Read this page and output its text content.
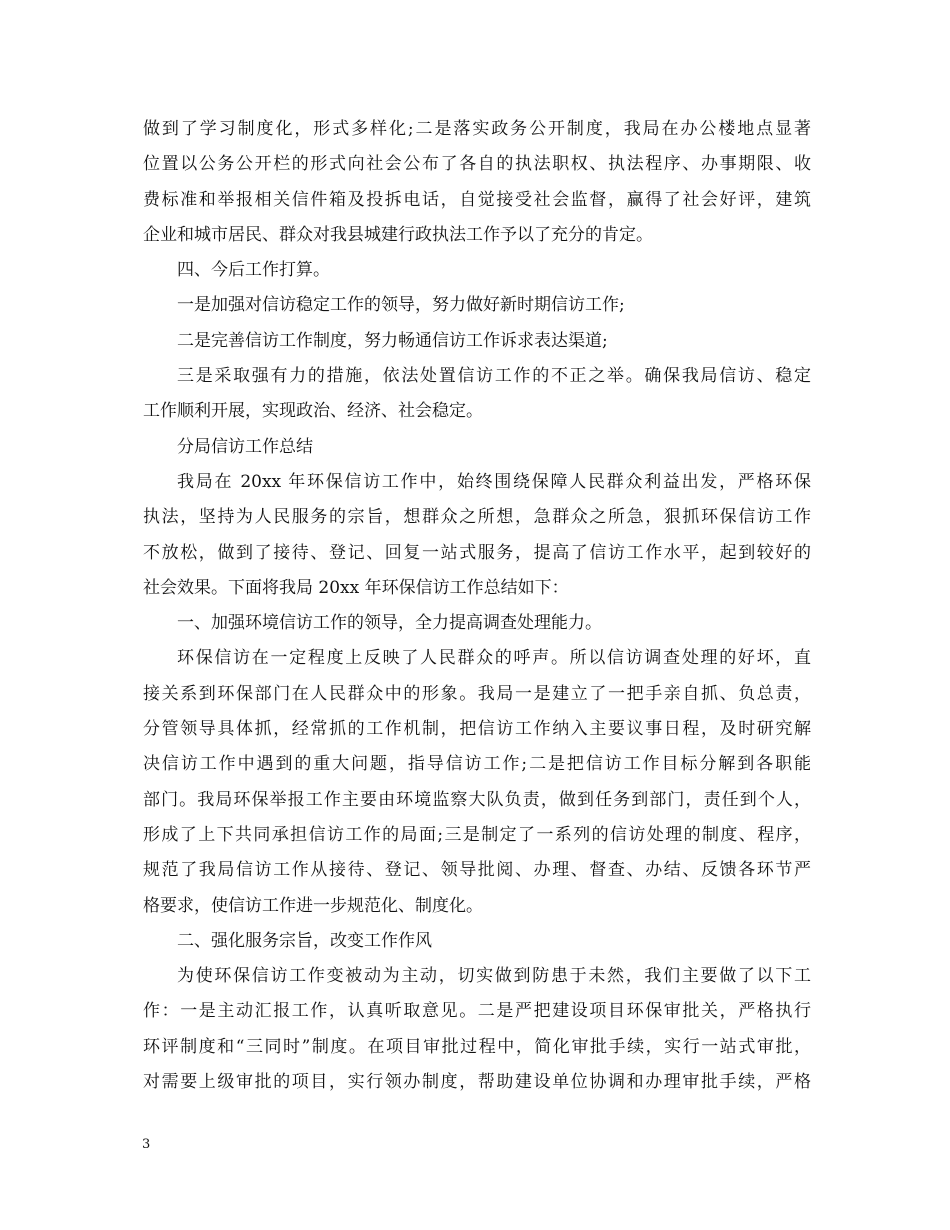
做到了学习制度化，形式多样化;二是落实政务公开制度，我局在办公楼地点显著
位置以公务公开栏的形式向社会公布了各自的执法职权、执法程序、办事期限、收
费标准和举报相关信件箱及投拆电话，自觉接受社会监督，赢得了社会好评，建筑
企业和城市居民、群众对我县城建行政执法工作予以了充分的肯定。
四、今后工作打算。
一是加强对信访稳定工作的领导，努力做好新时期信访工作;
二是完善信访工作制度，努力畅通信访工作诉求表达渠道;
三是采取强有力的措施，依法处置信访工作的不正之举。确保我局信访、稳定
工作顺利开展，实现政治、经济、社会稳定。
分局信访工作总结
我局在 20xx 年环保信访工作中，始终围绕保障人民群众利益出发，严格环保
执法，坚持为人民服务的宗旨，想群众之所想，急群众之所急，狠抓环保信访工作
不放松，做到了接待、登记、回复一站式服务，提高了信访工作水平，起到较好的
社会效果。下面将我局 20xx 年环保信访工作总结如下：
一、加强环境信访工作的领导，全力提高调查处理能力。
环保信访在一定程度上反映了人民群众的呼声。所以信访调查处理的好坏，直
接关系到环保部门在人民群众中的形象。我局一是建立了一把手亲自抓、负总责，
分管领导具体抓，经常抓的工作机制，把信访工作纳入主要议事日程，及时研究解
决信访工作中遇到的重大问题，指导信访工作;二是把信访工作目标分解到各职能
部门。我局环保举报工作主要由环境监察大队负责，做到任务到部门，责任到个人，
形成了上下共同承担信访工作的局面;三是制定了一系列的信访处理的制度、程序，
规范了我局信访工作从接待、登记、领导批阅、办理、督查、办结、反馈各环节严
格要求，使信访工作进一步规范化、制度化。
二、强化服务宗旨，改变工作作风
为使环保信访工作变被动为主动，切实做到防患于未然，我们主要做了以下工
作：一是主动汇报工作，认真听取意见。二是严把建设项目环保审批关，严格执行
环评制度和“三同时”制度。在项目审批过程中，简化审批手续，实行一站式审批，
对需要上级审批的项目，实行领办制度，帮助建设单位协调和办理审批手续，严格
3
